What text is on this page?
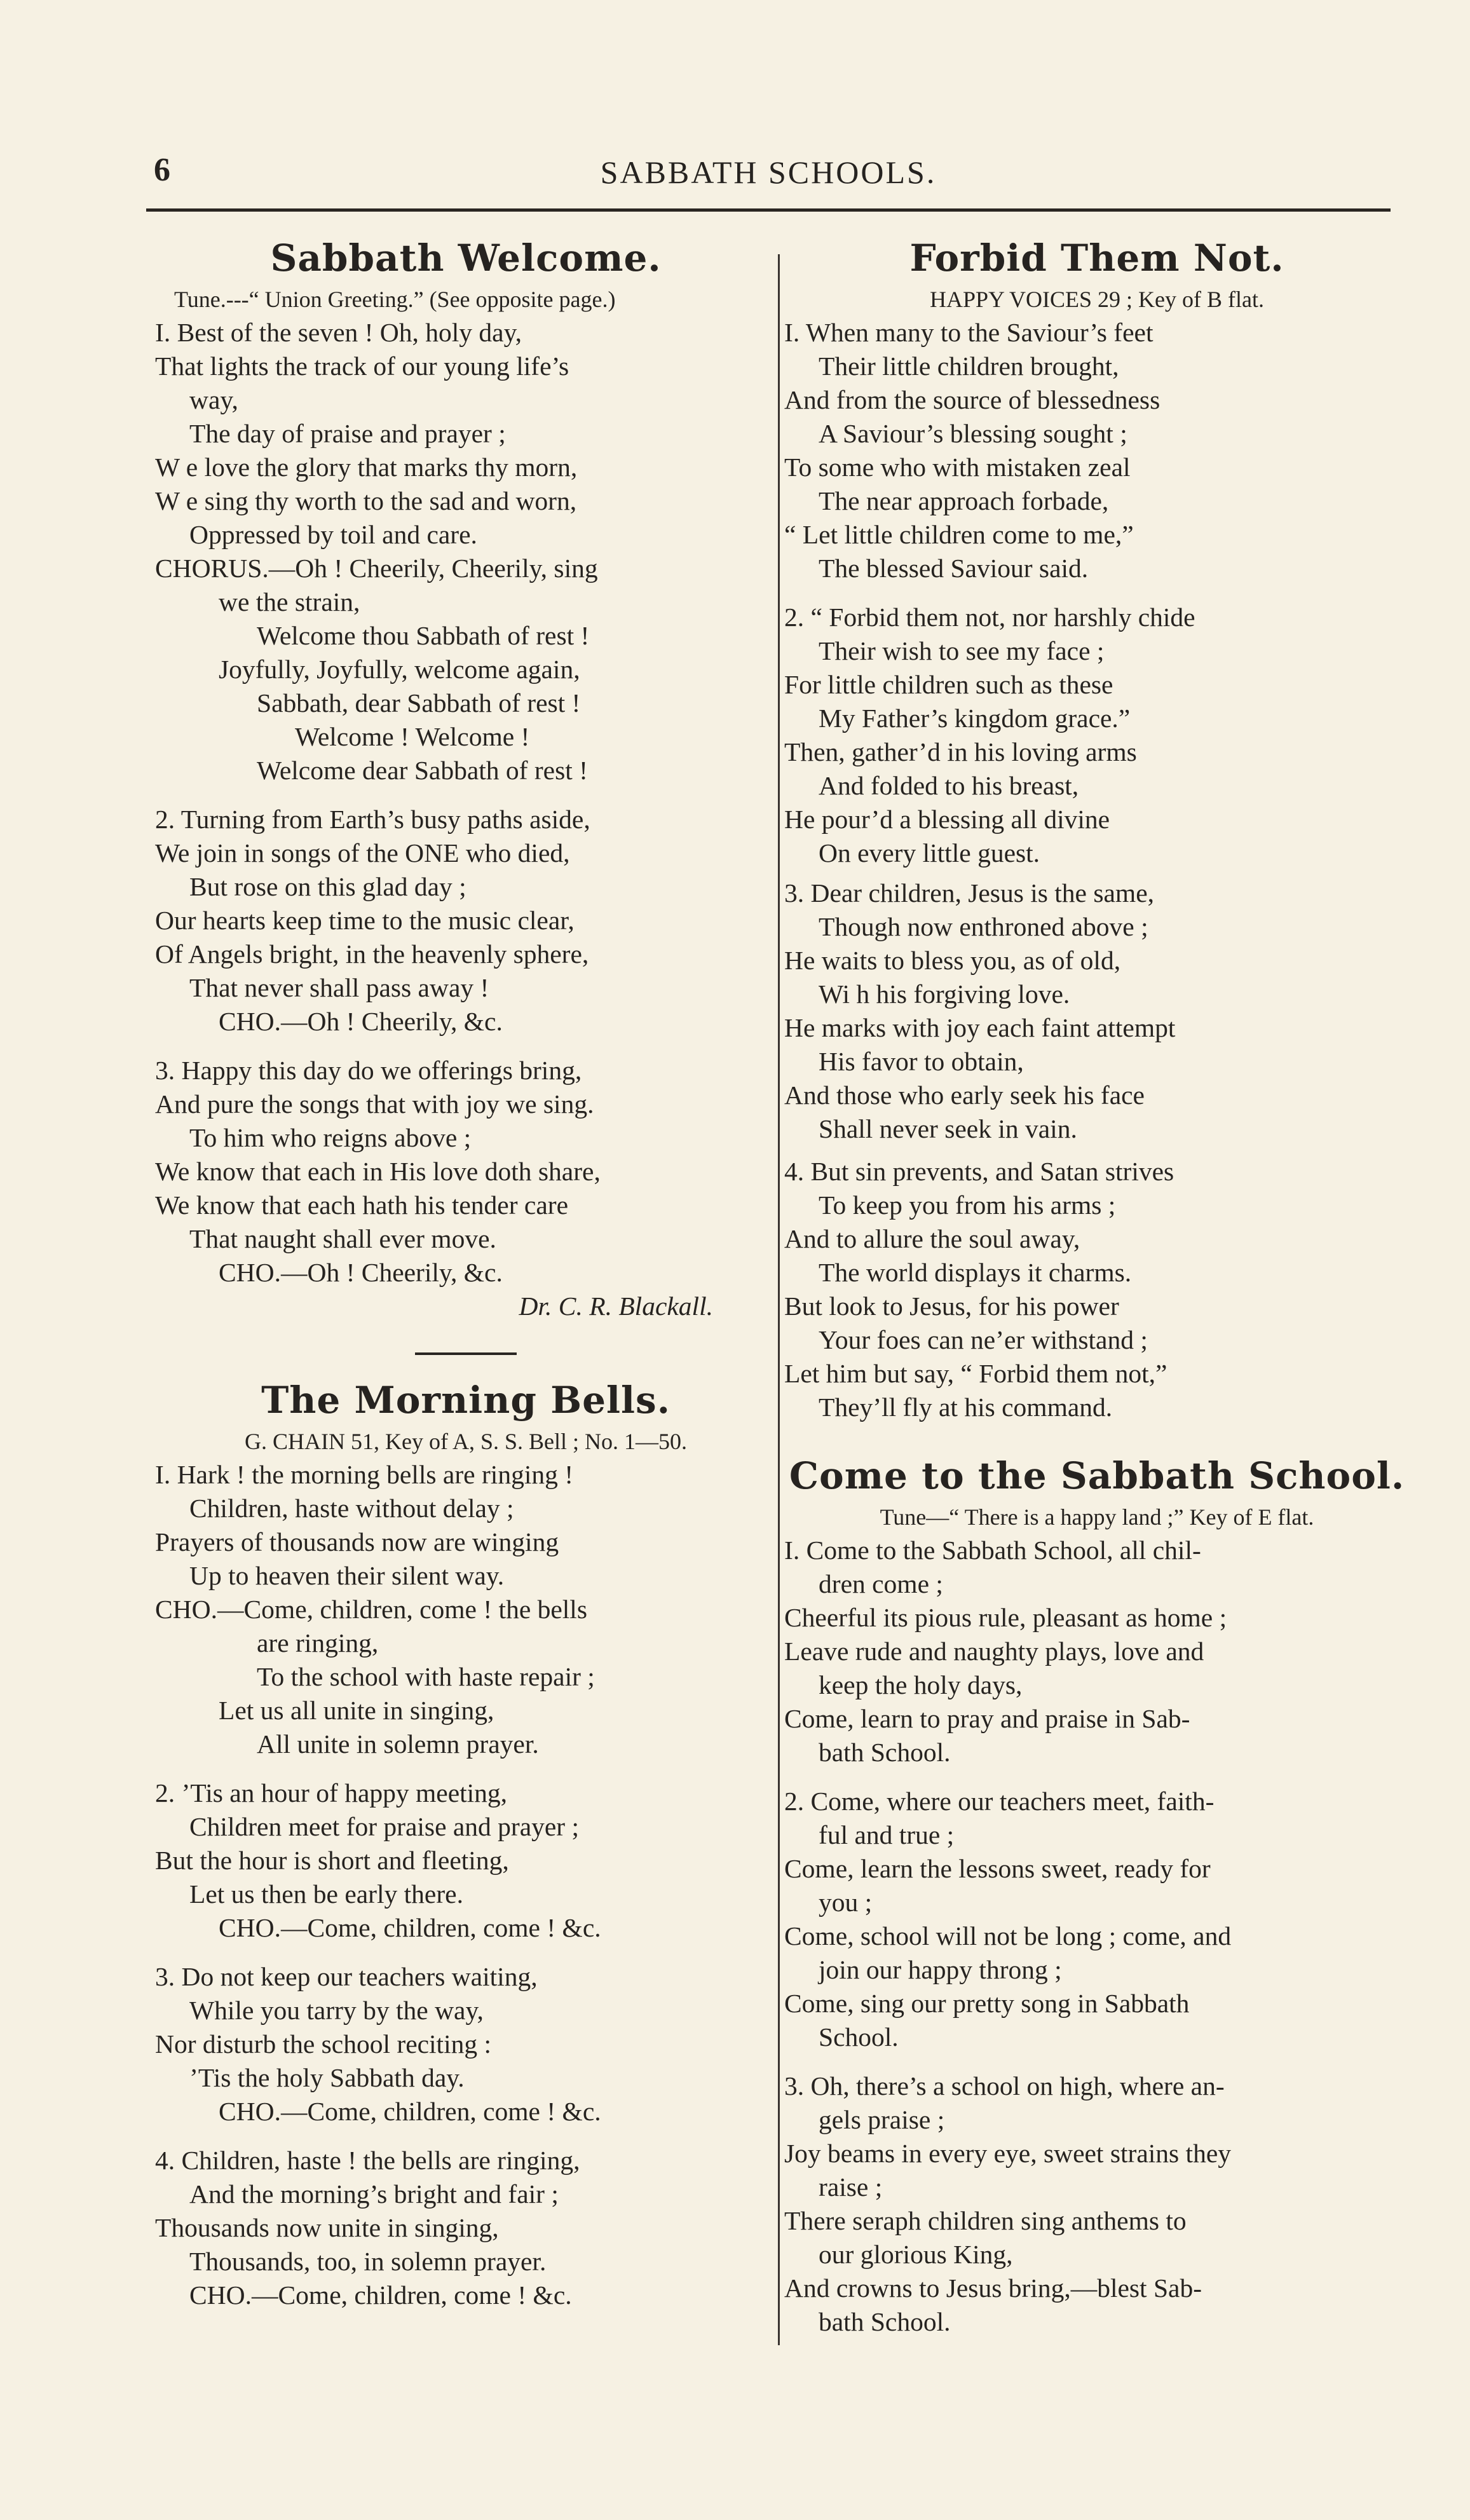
6	SABBATH SCHOOLS.
Sabbath Welcome.
Tune.---“ Union Greeting.” (See opposite page.)
I. Best of the seven ! Oh, holy day,
That lights the track of our young life’s
way,
The day of praise and prayer ;
W e love the glory that marks thy morn,
W e sing thy worth to the sad and worn,
Oppressed by toil and care.
CHORUS.—Oh ! Cheerily, Cheerily, sing
we the strain,
Welcome thou Sabbath of rest !
Joyfully, Joyfully, welcome again,
Sabbath, dear Sabbath of rest !
Welcome ! Welcome !
Welcome dear Sabbath of rest !
2. Turning from Earth’s busy paths aside,
We join in songs of the ONE who died,
But rose on this glad day ;
Our hearts keep time to the music clear,
Of Angels bright, in the heavenly sphere,
That never shall pass away !
CHO.—Oh ! Cheerily, &c.
3. Happy this day do we offerings bring,
And pure the songs that with joy we sing.
To him who reigns above ;
We know that each in His love doth share,
We know that each hath his tender care
That naught shall ever move.
CHO.—Oh ! Cheerily, &c.
Dr. C. R. Blackall.
The Morning Bells.
G. CHAIN 51, Key of A, S. S. Bell ; No. 1—50.
I. Hark ! the morning bells are ringing !
Children, haste without delay ;
Prayers of thousands now are winging
Up to heaven their silent way.
CHO.—Come, children, come ! the bells
are ringing,
To the school with haste repair ;
Let us all unite in singing,
All unite in solemn prayer.
2. ’Tis an hour of happy meeting,
Children meet for praise and prayer ;
But the hour is short and fleeting,
Let us then be early there.
CHO.—Come, children, come ! &c.
3. Do not keep our teachers waiting,
While you tarry by the way,
Nor disturb the school reciting :
’Tis the holy Sabbath day.
CHO.—Come, children, come ! &c.
4. Children, haste ! the bells are ringing,
And the morning’s bright and fair ;
Thousands now unite in singing,
Thousands, too, in solemn prayer.
CHO.—Come, children, come ! &c.
Forbid Them Not.
HAPPY VOICES 29 ; Key of B flat.
I. When many to the Saviour’s feet
Their little children brought,
And from the source of blessedness
A Saviour’s blessing sought ;
To some who with mistaken zeal
The near approach forbade,
“ Let little children come to me,”
The blessed Saviour said.
2. “ Forbid them not, nor harshly chide
Their wish to see my face ;
For little children such as these
My Father’s kingdom grace.”
Then, gather’d in his loving arms
And folded to his breast,
He pour’d a blessing all divine
On every little guest.
3. Dear children, Jesus is the same,
Though now enthroned above ;
He waits to bless you, as of old,
Wi h his forgiving love.
He marks with joy each faint attempt
His favor to obtain,
And those who early seek his face
Shall never seek in vain.
4. But sin prevents, and Satan strives
To keep you from his arms ;
And to allure the soul away,
The world displays it charms.
But look to Jesus, for his power
Your foes can ne’er withstand ;
Let him but say, “ Forbid them not,”
They’ll fly at his command.
Come to the Sabbath School.
Tune—“ There is a happy land ;” Key of E flat.
I. Come to the Sabbath School, all chil-
dren come ;
Cheerful its pious rule, pleasant as home ;
Leave rude and naughty plays, love and
keep the holy days,
Come, learn to pray and praise in Sab-
bath School.
2. Come, where our teachers meet, faith-
ful and true ;
Come, learn the lessons sweet, ready for
you ;
Come, school will not be long ; come, and
join our happy throng ;
Come, sing our pretty song in Sabbath
School.
3. Oh, there’s a school on high, where an-
gels praise ;
Joy beams in every eye, sweet strains they
raise ;
There seraph children sing anthems to
our glorious King,
And crowns to Jesus bring,—blest Sab-
bath School.
